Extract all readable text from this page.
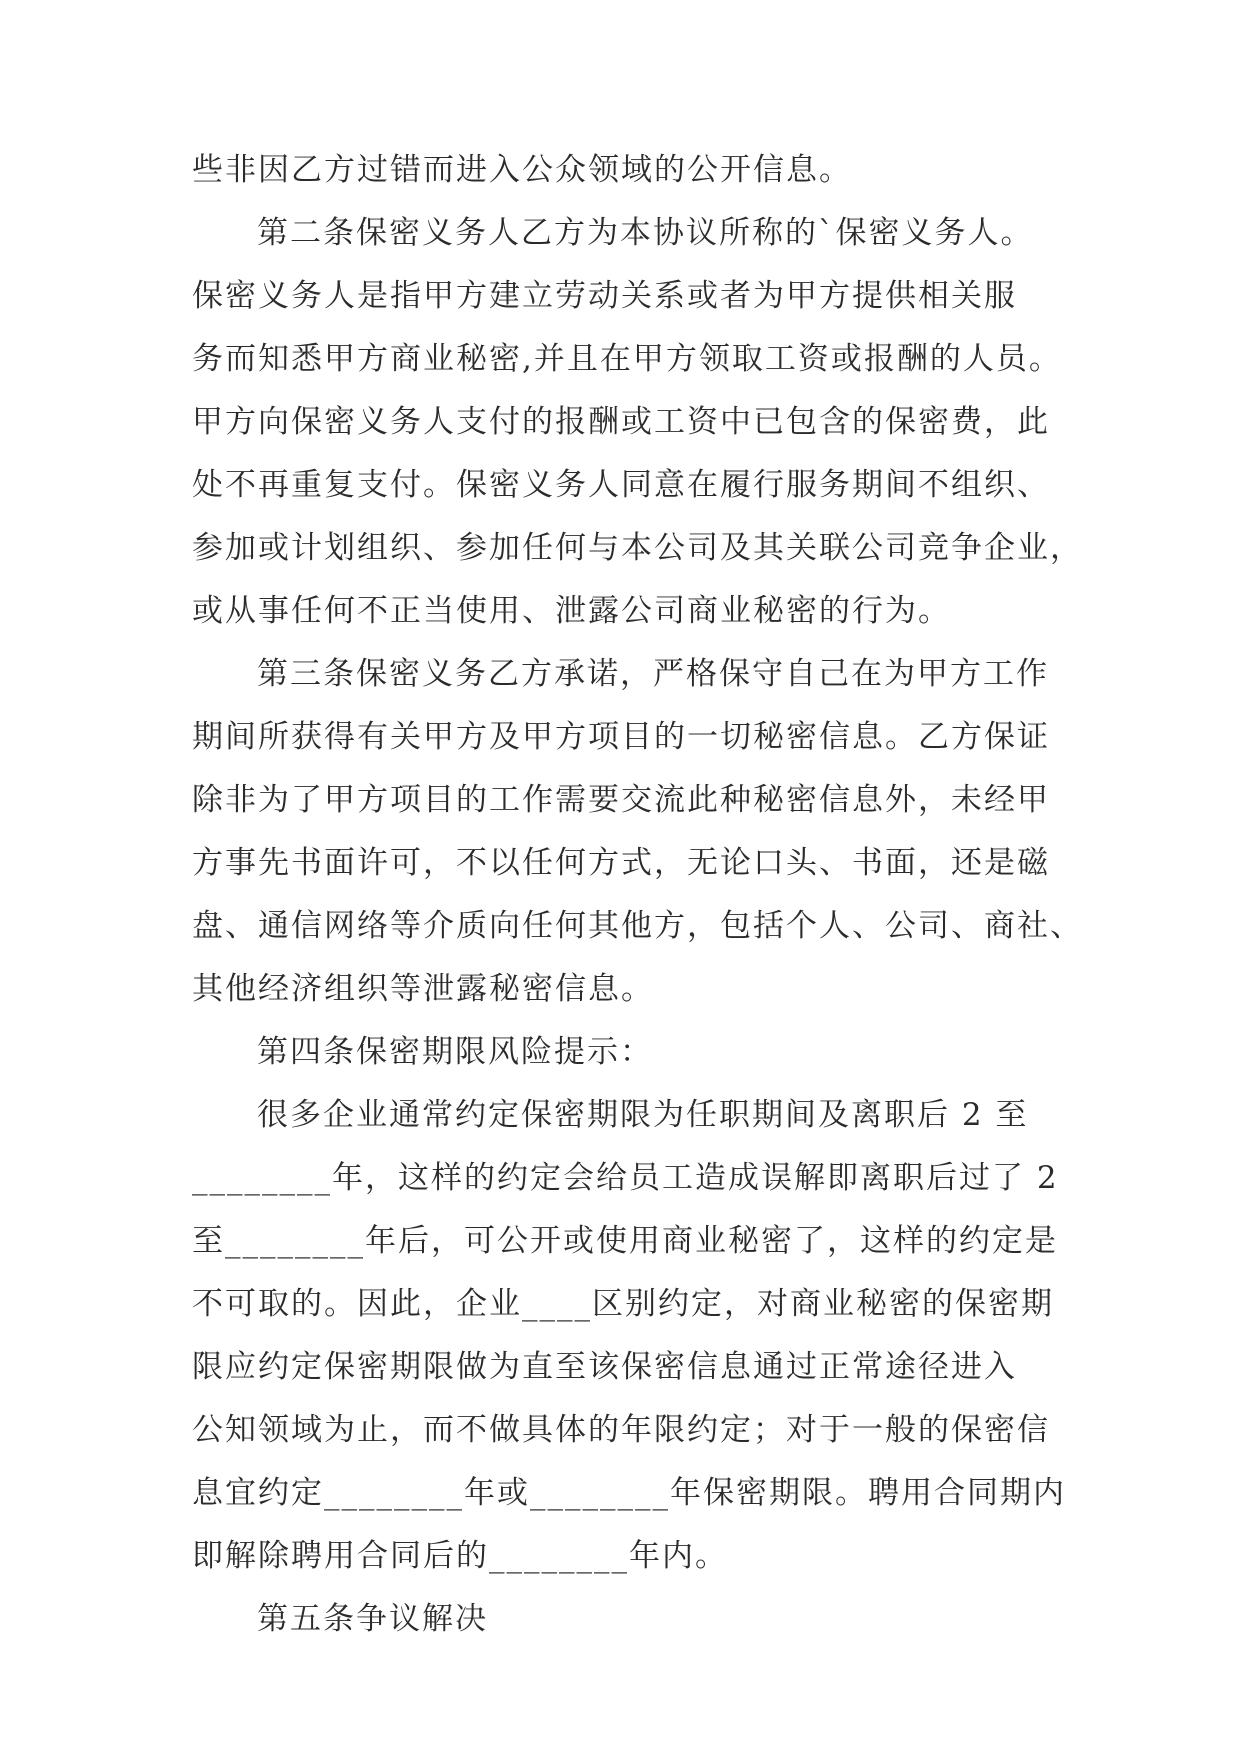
些非因乙方过错而进入公众领域的公开信息。
第二条保密义务人乙方为本协议所称的`保密义务人。
保密义务人是指甲方建立劳动关系或者为甲方提供相关服
务而知悉甲方商业秘密,并且在甲方领取工资或报酬的人员。
甲方向保密义务人支付的报酬或工资中已包含的保密费，此
处不再重复支付。保密义务人同意在履行服务期间不组织、
参加或计划组织、参加任何与本公司及其关联公司竞争企业，
或从事任何不正当使用、泄露公司商业秘密的行为。
第三条保密义务乙方承诺，严格保守自己在为甲方工作
期间所获得有关甲方及甲方项目的一切秘密信息。乙方保证
除非为了甲方项目的工作需要交流此种秘密信息外，未经甲
方事先书面许可，不以任何方式，无论口头、书面，还是磁
盘、通信网络等介质向任何其他方，包括个人、公司、商社、
其他经济组织等泄露秘密信息。
第四条保密期限风险提示：
很多企业通常约定保密期限为任职期间及离职后 2 至
________年，这样的约定会给员工造成误解即离职后过了 2
至________年后，可公开或使用商业秘密了，这样的约定是
不可取的。因此，企业____区别约定，对商业秘密的保密期
限应约定保密期限做为直至该保密信息通过正常途径进入
公知领域为止，而不做具体的年限约定；对于一般的保密信
息宜约定________年或________年保密期限。聘用合同期内
即解除聘用合同后的________年内。
第五条争议解决
